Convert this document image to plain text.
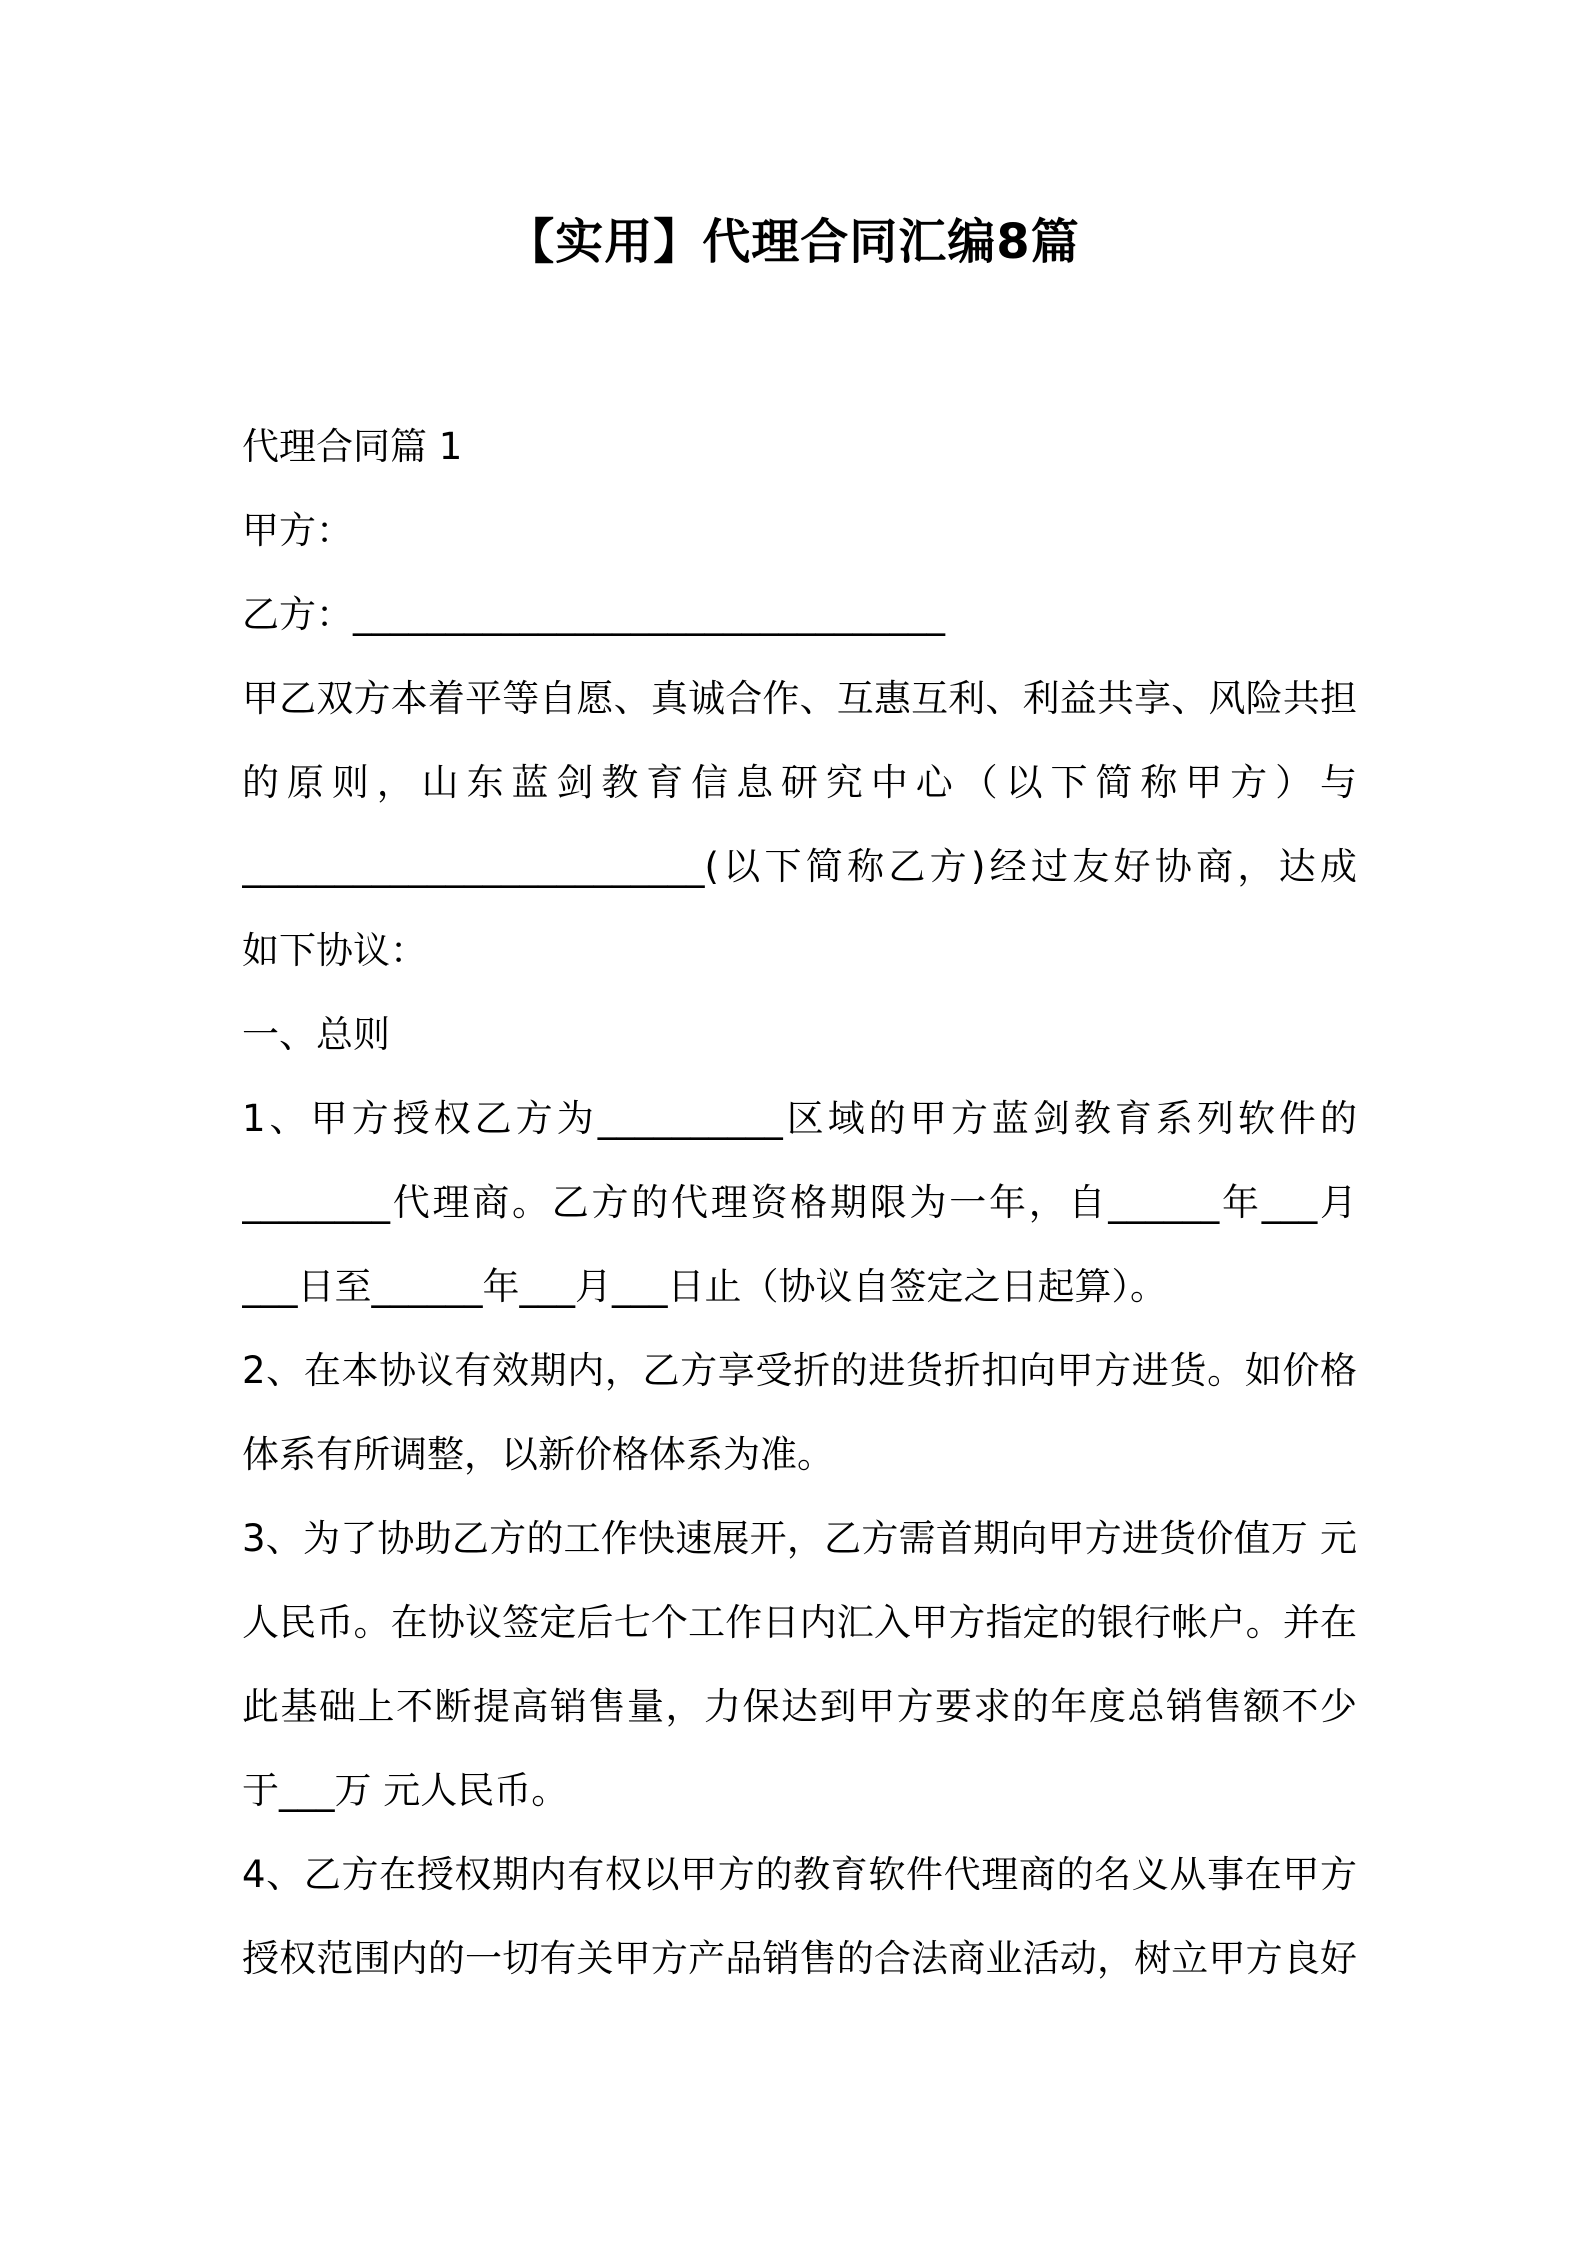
【实用】代理合同汇编8篇
代理合同篇 1
甲方：
乙方：________________________________
甲乙双方本着平等自愿、真诚合作、互惠互利、利益共享、风险共担
的原则，山东蓝剑教育信息研究中心（以下简称甲方）与
_________________________(以下简称乙方)经过友好协商，达成
如下协议：
一、总则
1、甲方授权乙方为__________区域的甲方蓝剑教育系列软件的
________代理商。乙方的代理资格期限为一年，自______年___月
___日至______年___月___日止（协议自签定之日起算）。
2、在本协议有效期内，乙方享受折的进货折扣向甲方进货。如价格
体系有所调整，以新价格体系为准。
3、为了协助乙方的工作快速展开，乙方需首期向甲方进货价值万 元
人民币。在协议签定后七个工作日内汇入甲方指定的银行帐户。并在
此基础上不断提高销售量，力保达到甲方要求的年度总销售额不少
于___万 元人民币。
4、乙方在授权期内有权以甲方的教育软件代理商的名义从事在甲方
授权范围内的一切有关甲方产品销售的合法商业活动，树立甲方良好
